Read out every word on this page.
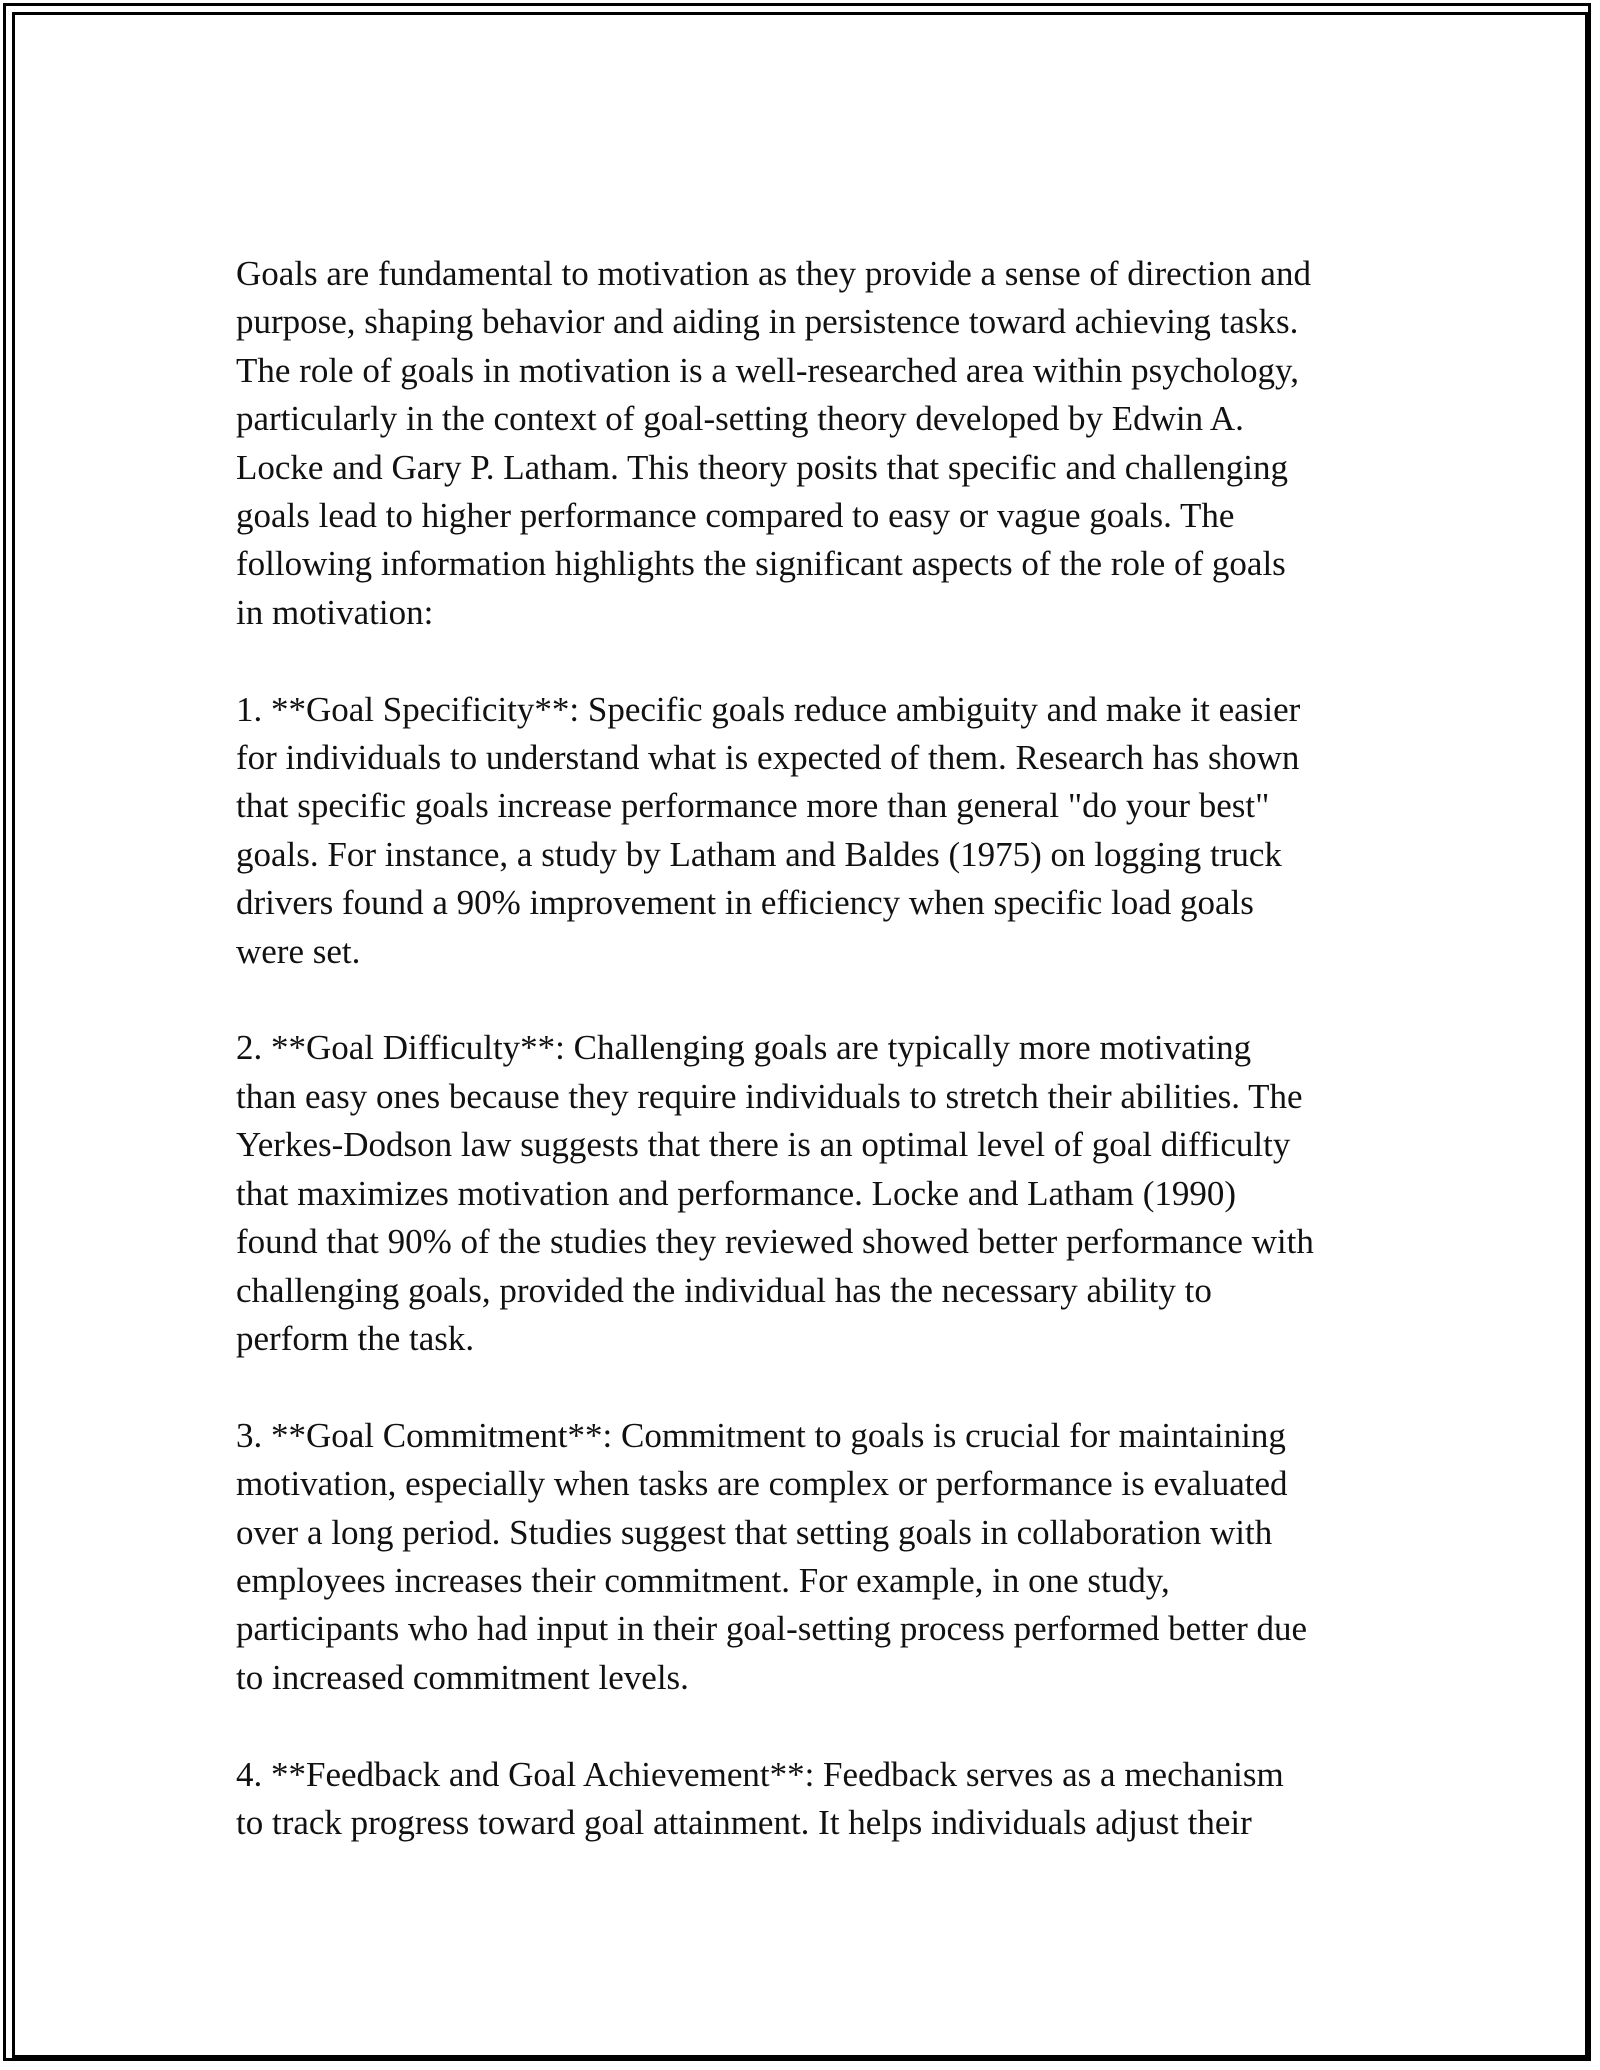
Goals are fundamental to motivation as they provide a sense of direction and
purpose, shaping behavior and aiding in persistence toward achieving tasks.
The role of goals in motivation is a well-researched area within psychology,
particularly in the context of goal-setting theory developed by Edwin A.
Locke and Gary P. Latham. This theory posits that specific and challenging
goals lead to higher performance compared to easy or vague goals. The
following information highlights the significant aspects of the role of goals
in motivation:

1. **Goal Specificity**: Specific goals reduce ambiguity and make it easier
for individuals to understand what is expected of them. Research has shown
that specific goals increase performance more than general "do your best"
goals. For instance, a study by Latham and Baldes (1975) on logging truck
drivers found a 90% improvement in efficiency when specific load goals
were set.

2. **Goal Difficulty**: Challenging goals are typically more motivating
than easy ones because they require individuals to stretch their abilities. The
Yerkes-Dodson law suggests that there is an optimal level of goal difficulty
that maximizes motivation and performance. Locke and Latham (1990)
found that 90% of the studies they reviewed showed better performance with
challenging goals, provided the individual has the necessary ability to
perform the task.

3. **Goal Commitment**: Commitment to goals is crucial for maintaining
motivation, especially when tasks are complex or performance is evaluated
over a long period. Studies suggest that setting goals in collaboration with
employees increases their commitment. For example, in one study,
participants who had input in their goal-setting process performed better due
to increased commitment levels.

4. **Feedback and Goal Achievement**: Feedback serves as a mechanism
to track progress toward goal attainment. It helps individuals adjust their
